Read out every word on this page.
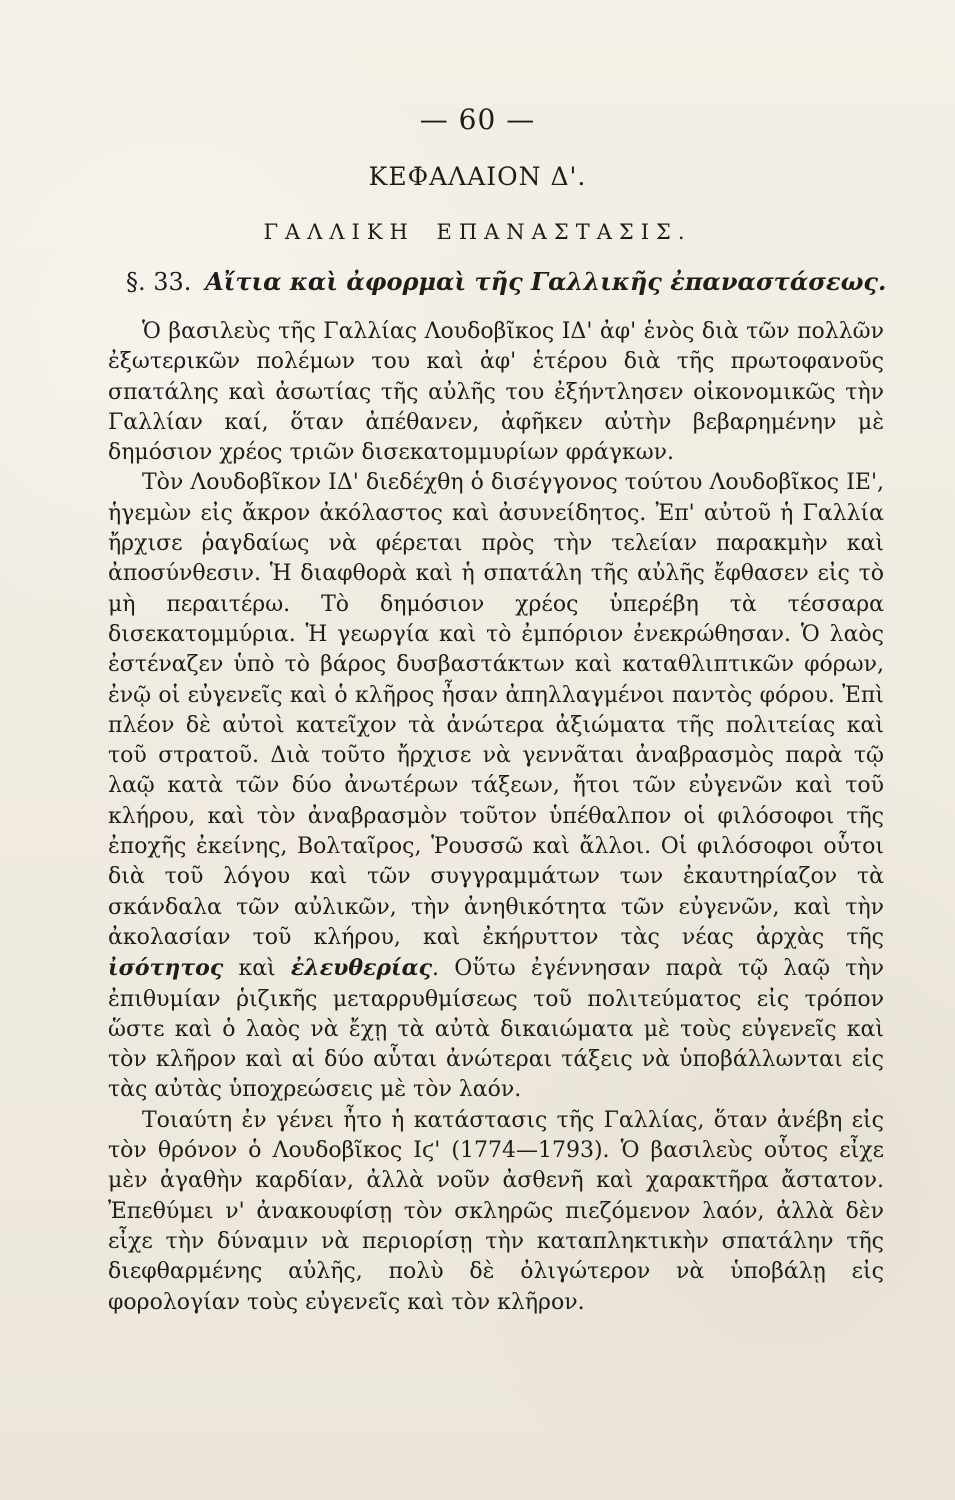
— 60 —
ΚΕΦΑΛΑΙΟΝ Δ'.
ΓΑΛΛΙΚΗ ΕΠΑΝΑΣΤΑΣΙΣ.
§. 33. Αἴτια καὶ ἀφορμαὶ τῆς Γαλλικῆς ἐπαναστάσεως.

Ὁ βασιλεὺς τῆς Γαλλίας Λουδοβῖκος ΙΔ' ἀφ' ἑνὸς διὰ τῶν πολλῶν ἐξωτερικῶν πολέμων του καὶ ἀφ' ἑτέρου διὰ τῆς πρωτοφανοῦς σπατάλης καὶ ἀσωτίας τῆς αὐλῆς του ἐξήντλησεν οἰκονομικῶς τὴν Γαλλίαν καί, ὅταν ἀπέθανεν, ἀφῆκεν αὐτὴν βεβαρημένην μὲ δημόσιον χρέος τριῶν δισεκατομμυρίων φράγκων.

Τὸν Λουδοβῖκον ΙΔ' διεδέχθη ὁ δισέγγονος τούτου Λουδοβῖκος ΙΕ', ἡγεμὼν εἰς ἄκρον ἀκόλαστος καὶ ἀσυνείδητος. Ἐπ' αὐτοῦ ἡ Γαλλία ἤρχισε ῥαγδαίως νὰ φέρεται πρὸς τὴν τελείαν παρακμὴν καὶ ἀποσύνθεσιν. Ἡ διαφθορὰ καὶ ἡ σπατάλη τῆς αὐλῆς ἔφθασεν εἰς τὸ μὴ περαιτέρω. Τὸ δημόσιον χρέος ὑπερέβη τὰ τέσσαρα δισεκατομμύρια. Ἡ γεωργία καὶ τὸ ἐμπόριον ἐνεκρώθησαν. Ὁ λαὸς ἐστέναζεν ὑπὸ τὸ βάρος δυσβαστάκτων καὶ καταθλιπτικῶν φόρων, ἐνῷ οἱ εὐγενεῖς καὶ ὁ κλῆρος ἦσαν ἀπηλλαγμένοι παντὸς φόρου. Ἐπὶ πλέον δὲ αὐτοὶ κατεῖχον τὰ ἀνώτερα ἀξιώματα τῆς πολιτείας καὶ τοῦ στρατοῦ. Διὰ τοῦτο ἤρχισε νὰ γεννᾶται ἀναβρασμὸς παρὰ τῷ λαῷ κατὰ τῶν δύο ἀνωτέρων τάξεων, ἤτοι τῶν εὐγενῶν καὶ τοῦ κλήρου, καὶ τὸν ἀναβρασμὸν τοῦτον ὑπέθαλπον οἱ φιλόσοφοι τῆς ἐποχῆς ἐκείνης, Βολταῖρος, Ῥουσσῶ καὶ ἄλλοι. Οἱ φιλόσοφοι οὗτοι διὰ τοῦ λόγου καὶ τῶν συγγραμμάτων των ἐκαυτηρίαζον τὰ σκάνδαλα τῶν αὐλικῶν, τὴν ἀνηθικότητα τῶν εὐγενῶν, καὶ τὴν ἀκολασίαν τοῦ κλήρου, καὶ ἐκήρυττον τὰς νέας ἀρχὰς τῆς ἰσότητος καὶ ἐλευθερίας. Οὕτω ἐγέννησαν παρὰ τῷ λαῷ τὴν ἐπιθυμίαν ῥιζικῆς μεταρρυθμίσεως τοῦ πολιτεύματος εἰς τρόπον ὥστε καὶ ὁ λαὸς νὰ ἔχῃ τὰ αὐτὰ δικαιώματα μὲ τοὺς εὐγενεῖς καὶ τὸν κλῆρον καὶ αἱ δύο αὗται ἀνώτεραι τάξεις νὰ ὑποβάλλωνται εἰς τὰς αὐτὰς ὑποχρεώσεις μὲ τὸν λαόν.

Τοιαύτη ἐν γένει ἦτο ἡ κατάστασις τῆς Γαλλίας, ὅταν ἀνέβη εἰς τὸν θρόνον ὁ Λουδοβῖκος Ιϛ' (1774—1793). Ὁ βασιλεὺς οὗτος εἶχε μὲν ἀγαθὴν καρδίαν, ἀλλὰ νοῦν ἀσθενῆ καὶ χαρακτῆρα ἄστατον. Ἐπεθύμει ν' ἀνακουφίσῃ τὸν σκληρῶς πιεζόμενον λαόν, ἀλλὰ δὲν εἶχε τὴν δύναμιν νὰ περιορίσῃ τὴν καταπληκτικὴν σπατάλην τῆς διεφθαρμένης αὐλῆς, πολὺ δὲ ὀλιγώτερον νὰ ὑποβάλῃ εἰς φορολογίαν τοὺς εὐγενεῖς καὶ τὸν κλῆρον.
